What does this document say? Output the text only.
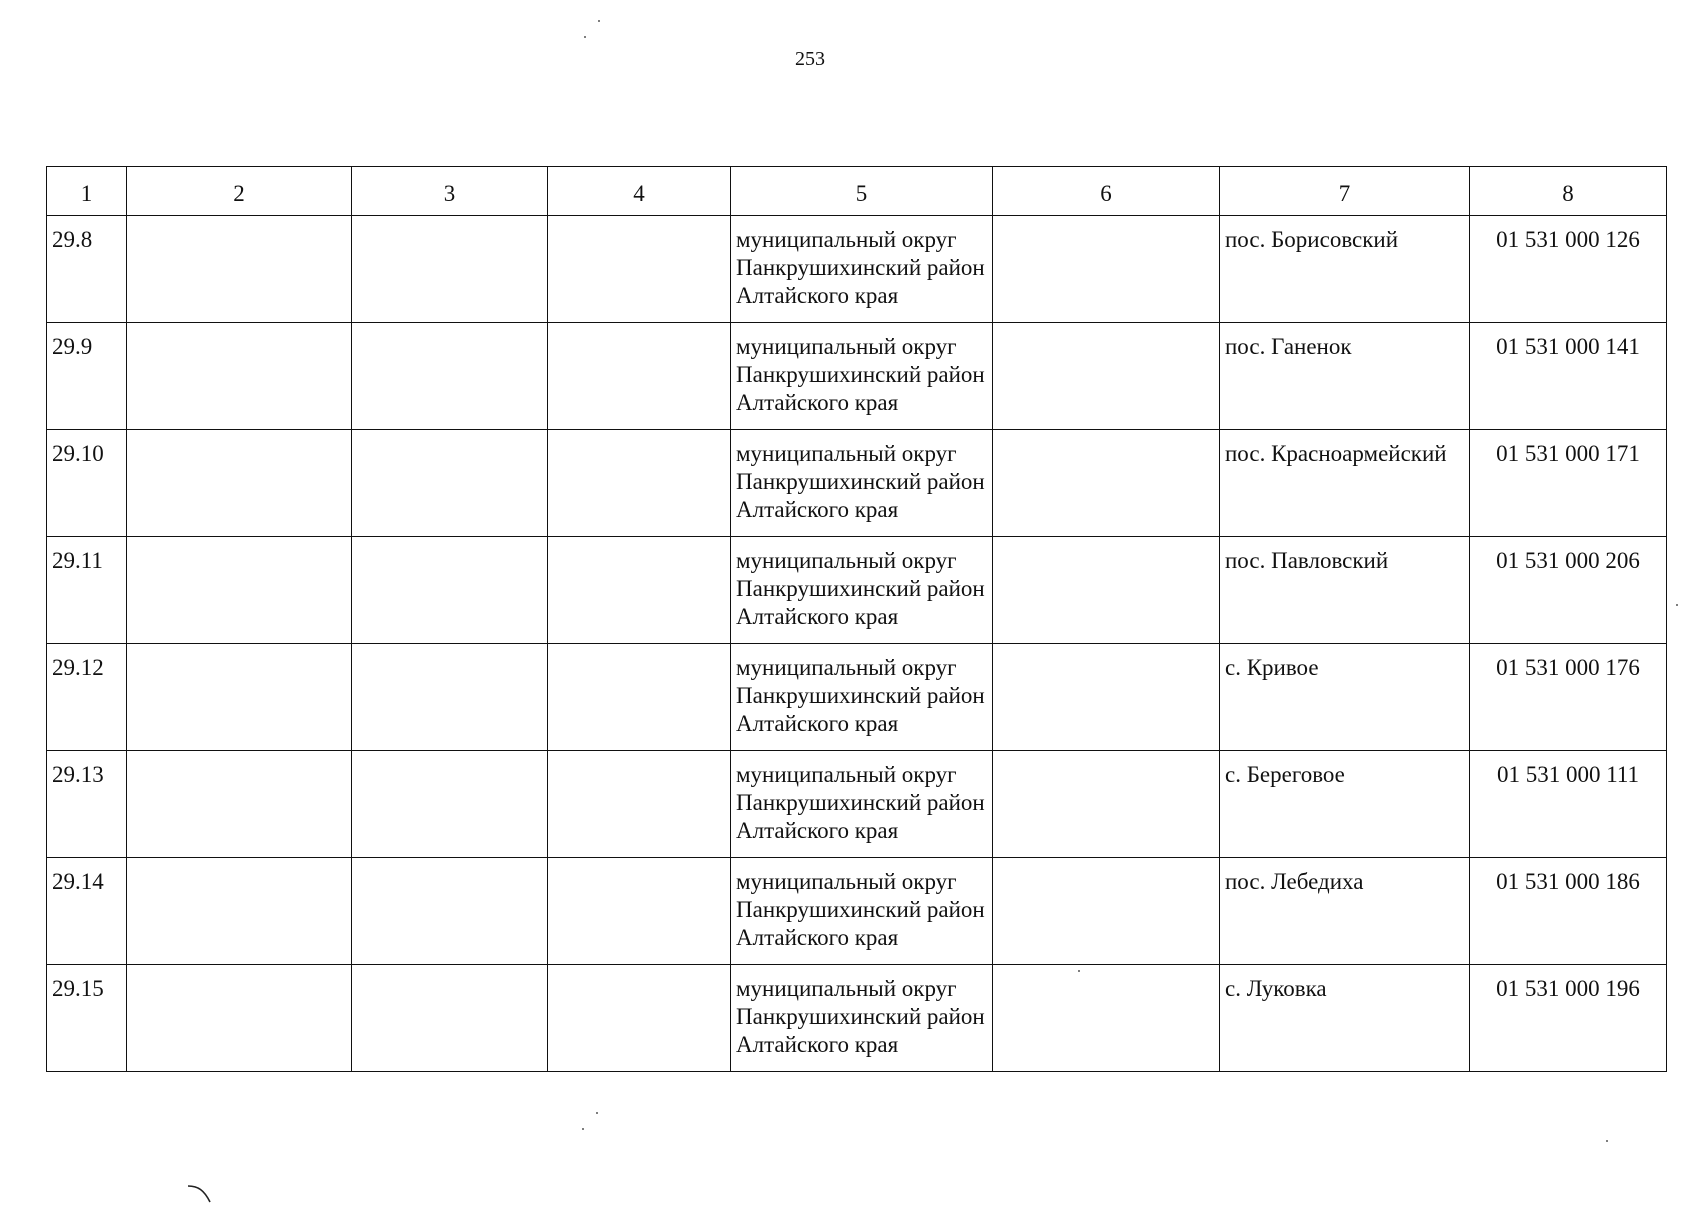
253
1	2	3	4	5	6	7	8
29.8				муниципальный округ Панкрушихинский район Алтайского края		пос. Борисовский	01 531 000 126
29.9				муниципальный округ Панкрушихинский район Алтайского края		пос. Ганенок	01 531 000 141
29.10				муниципальный округ Панкрушихинский район Алтайского края		пос. Красноармейский	01 531 000 171
29.11				муниципальный округ Панкрушихинский район Алтайского края		пос. Павловский	01 531 000 206
29.12				муниципальный округ Панкрушихинский район Алтайского края		с. Кривое	01 531 000 176
29.13				муниципальный округ Панкрушихинский район Алтайского края		с. Береговое	01 531 000 111
29.14				муниципальный округ Панкрушихинский район Алтайского края		пос. Лебедиха	01 531 000 186
29.15				муниципальный округ Панкрушихинский район Алтайского края		с. Луковка	01 531 000 196
